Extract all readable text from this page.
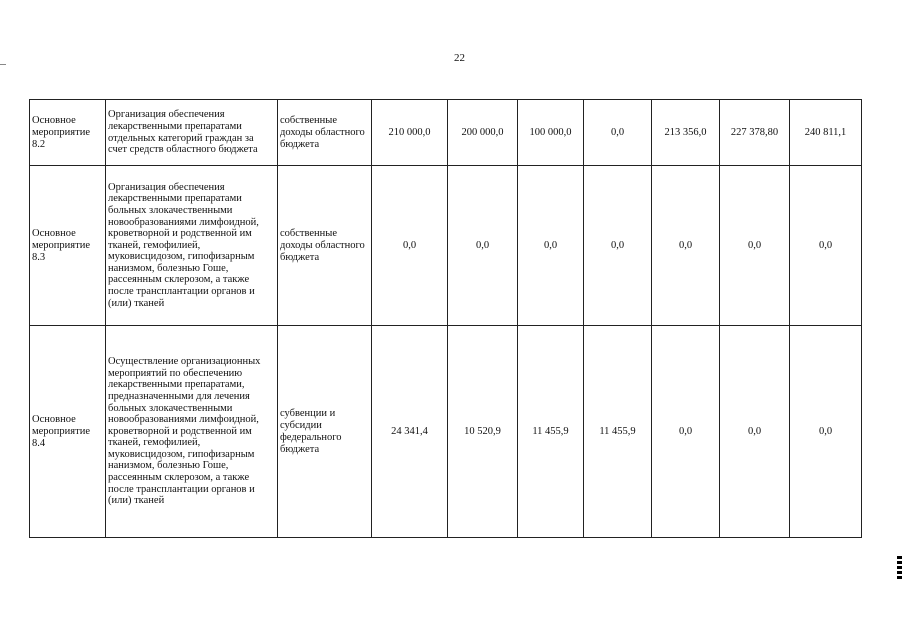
22
Основное мероприятие 8.2	Организация обеспечения лекарственными препаратами отдельных категорий граждан за счет средств областного бюджета	собственные доходы областного бюджета	210 000,0	200 000,0	100 000,0	0,0	213 356,0	227 378,80	240 811,1
Основное мероприятие 8.3	Организация обеспечения лекарственными препаратами больных злокачественными новообразованиями лимфоидной, кроветворной и родственной им тканей, гемофилией, муковисцидозом, гипофизарным нанизмом, болезнью Гоше, рассеянным склерозом, а также после трансплантации органов и (или) тканей	собственные доходы областного бюджета	0,0	0,0	0,0	0,0	0,0	0,0	0,0
Основное мероприятие 8.4	Осуществление организационных мероприятий по обеспечению лекарственными препаратами, предназначенными для лечения больных злокачественными новообразованиями лимфоидной, кроветворной и родственной им тканей, гемофилией, муковисцидозом, гипофизарным нанизмом, болезнью Гоше, рассеянным склерозом, а также после трансплантации органов и (или) тканей	субвенции и субсидии федерального бюджета	24 341,4	10 520,9	11 455,9	11 455,9	0,0	0,0	0,0
